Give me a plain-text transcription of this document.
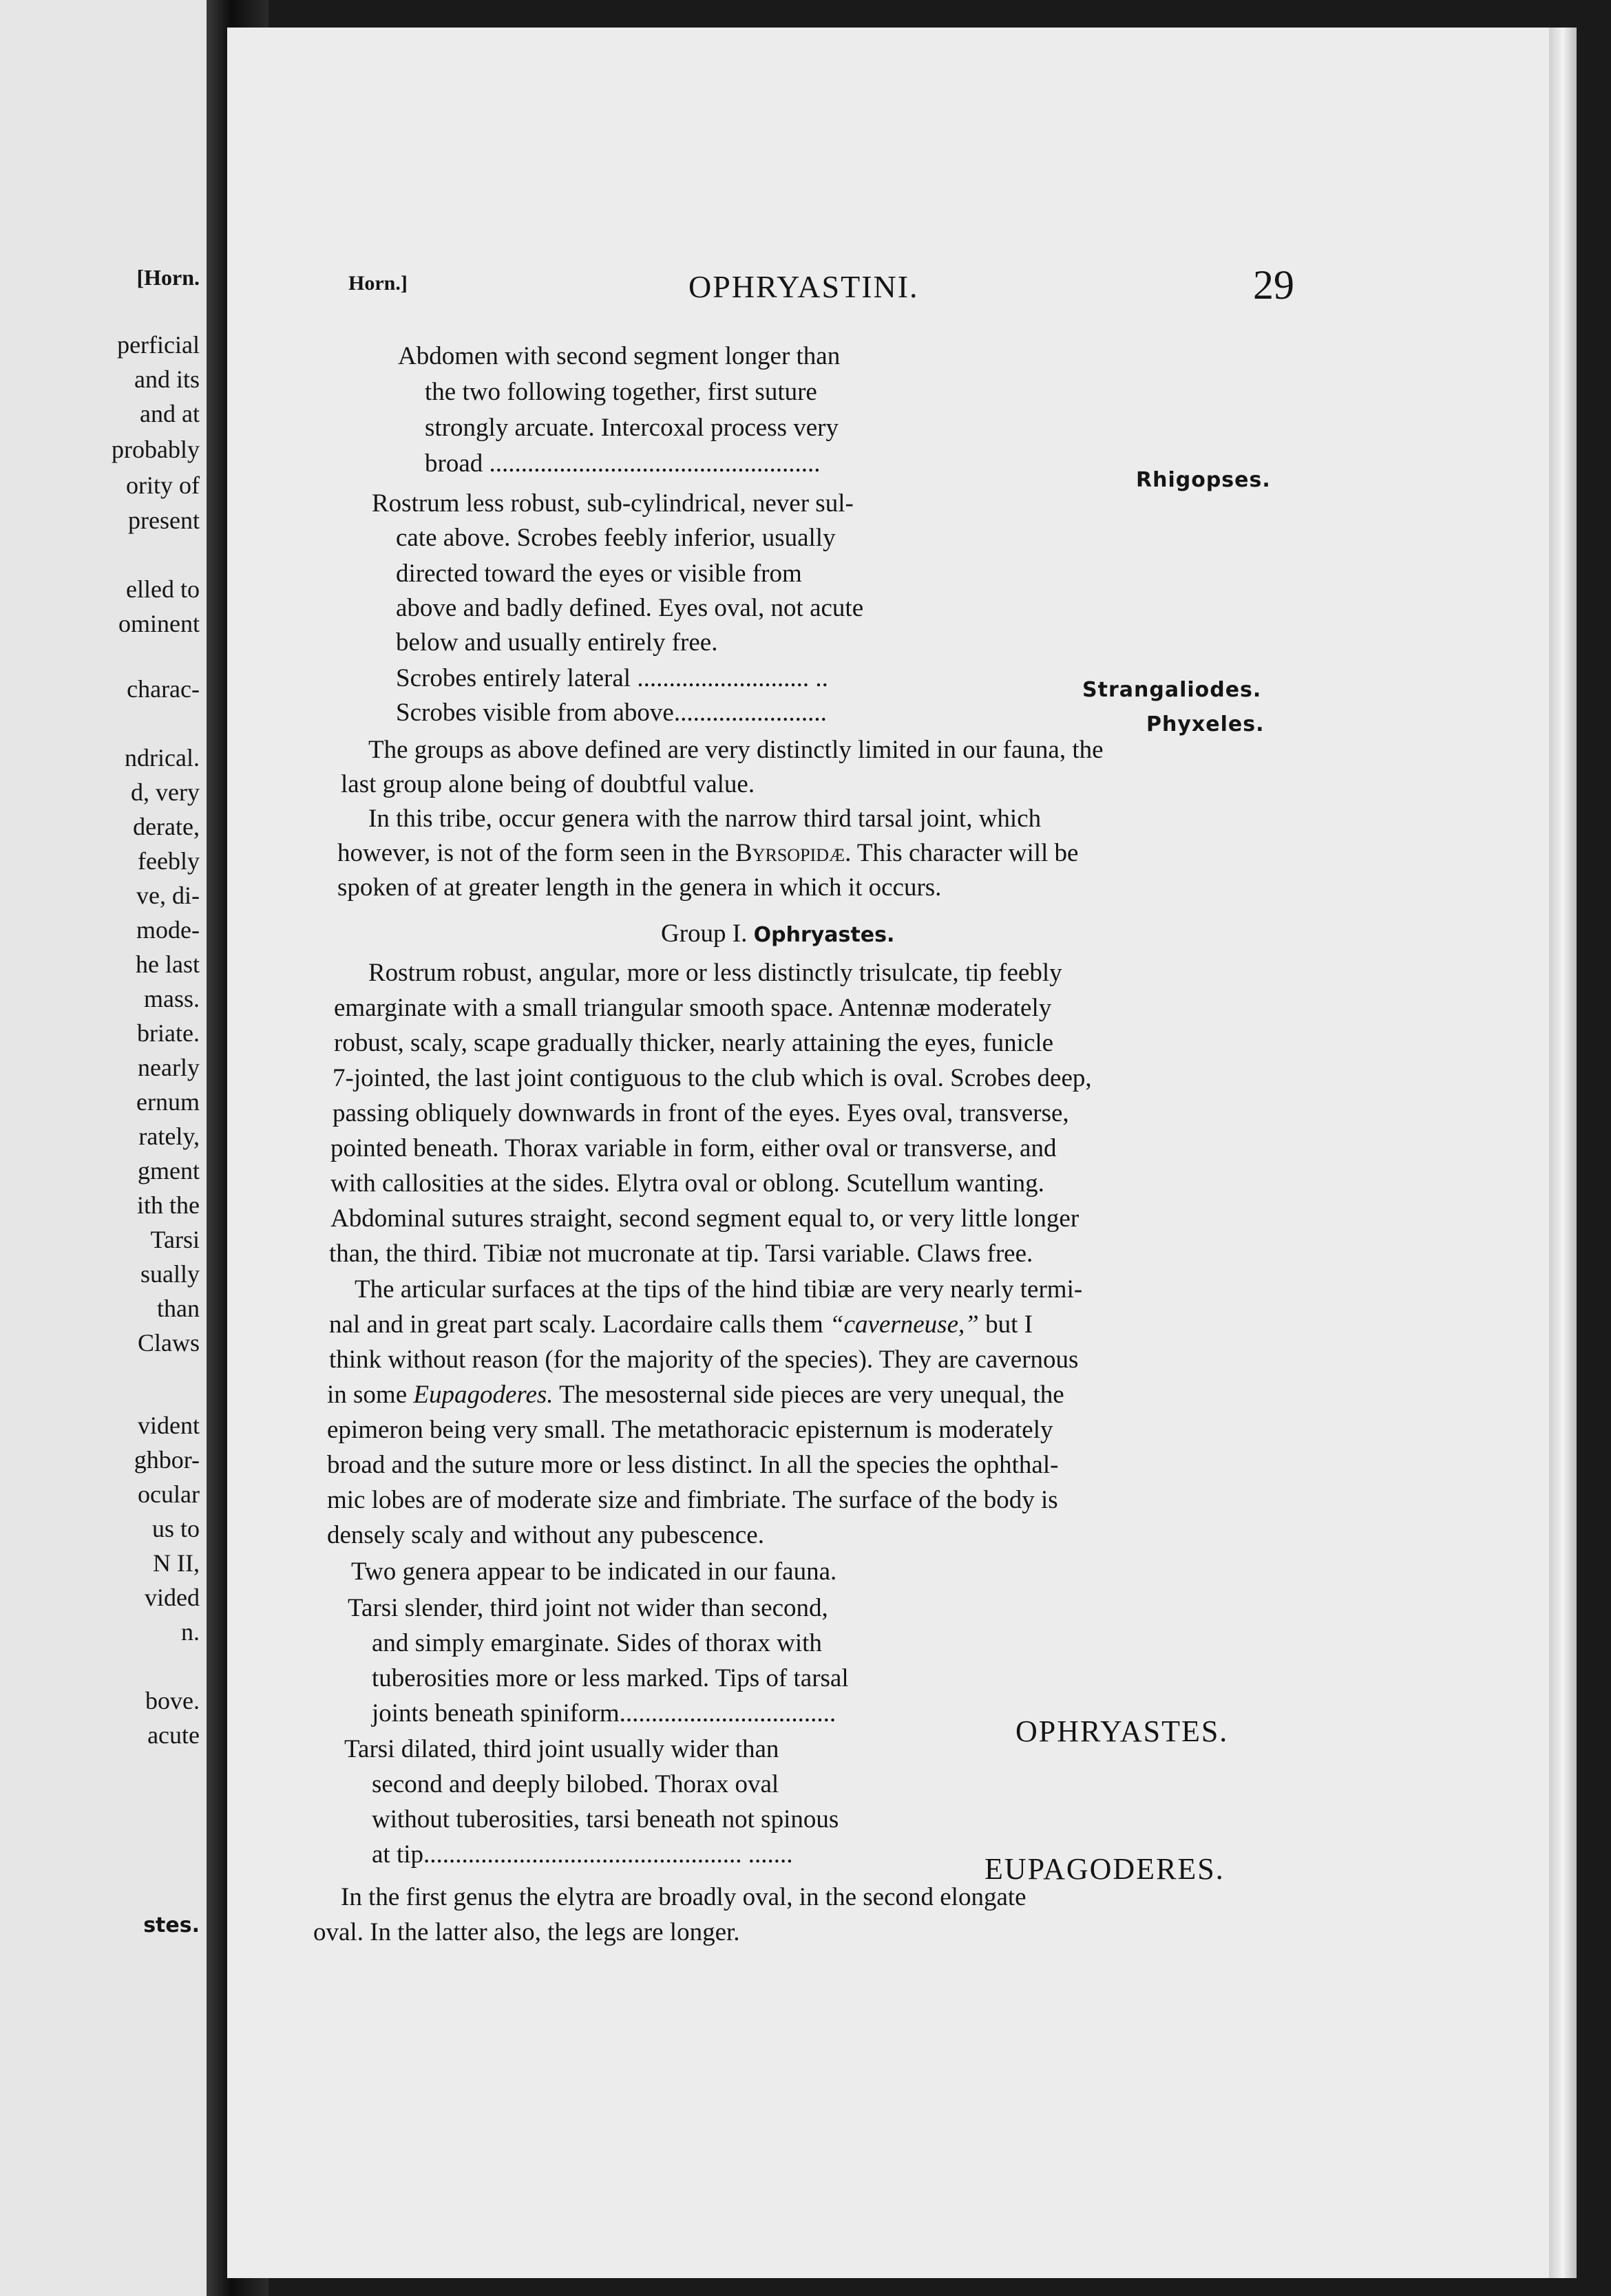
[Horn.
perficial
and its
and at
probably
ority of
present
elled to
ominent
charac-
ndrical.
d, very
derate,
feebly
ve, di-
mode-
he last
mass.
briate.
nearly
ernum
rately,
gment
ith the
Tarsi
sually
than
Claws
vident
ghbor-
ocular
us to
N II,
vided
n.
bove.
acute
stes.
Horn.]	OPHRYASTINI.	29
Abdomen with second segment longer than
the two following together, first suture
strongly arcuate. Intercoxal process very
broad ....................................................
Rhigopses.
Rostrum less robust, sub-cylindrical, never sul-
cate above. Scrobes feebly inferior, usually
directed toward the eyes or visible from
above and badly defined. Eyes oval, not acute
below and usually entirely free.
Scrobes entirely lateral ........................... ..	Strangaliodes.
Scrobes visible from above........................	Phyxeles.
The groups as above defined are very distinctly limited in our fauna, the
last group alone being of doubtful value.
In this tribe, occur genera with the narrow third tarsal joint, which
however, is not of the form seen in the Byrsopidæ. This character will be
spoken of at greater length in the genera in which it occurs.
Group I. Ophryastes.
Rostrum robust, angular, more or less distinctly trisulcate, tip feebly
emarginate with a small triangular smooth space. Antennæ moderately
robust, scaly, scape gradually thicker, nearly attaining the eyes, funicle
7-jointed, the last joint contiguous to the club which is oval. Scrobes deep,
passing obliquely downwards in front of the eyes. Eyes oval, transverse,
pointed beneath. Thorax variable in form, either oval or transverse, and
with callosities at the sides. Elytra oval or oblong. Scutellum wanting.
Abdominal sutures straight, second segment equal to, or very little longer
than, the third. Tibiæ not mucronate at tip. Tarsi variable. Claws free.
The articular surfaces at the tips of the hind tibiæ are very nearly termi-
nal and in great part scaly. Lacordaire calls them “caverneuse,” but I
think without reason (for the majority of the species). They are cavernous
in some Eupagoderes. The mesosternal side pieces are very unequal, the
epimeron being very small. The metathoracic episternum is moderately
broad and the suture more or less distinct. In all the species the ophthal-
mic lobes are of moderate size and fimbriate. The surface of the body is
densely scaly and without any pubescence.
Two genera appear to be indicated in our fauna.
Tarsi slender, third joint not wider than second,
and simply emarginate. Sides of thorax with
tuberosities more or less marked. Tips of tarsal
joints beneath spiniform..................................
OPHRYASTES.
Tarsi dilated, third joint usually wider than
second and deeply bilobed. Thorax oval
without tuberosities, tarsi beneath not spinous
at tip.................................................. .......	EUPAGODERES.
In the first genus the elytra are broadly oval, in the second elongate
oval. In the latter also, the legs are longer.
